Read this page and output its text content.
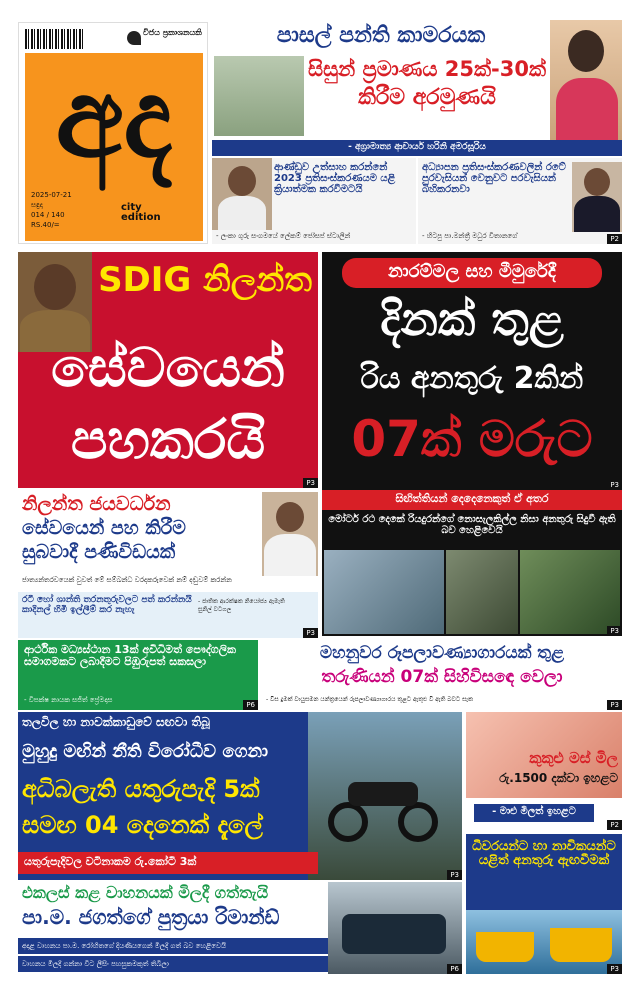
විජය ප්‍රකාශනයකි
අද
city edition
2025-07-21
සඳුදා
014 / 140
RS.40/=
පාසල් පන්ති කාමරයක
සිසුන් ප්‍රමාණය 25ක්-30ක්
කිරීම අරමුණයි
- අග්‍රාමාත්‍ය ආචාර්ය හරිනි අමරසූරිය
ආණ්ඩුව උත්සාහ කරන්නේ 2023 ප්‍රතිසංස්කරණයම යළි ක්‍රියාත්මක කරවීමටයි
- ලංකා ගුරු සංගමයේ ලේකම් ජෝසප් ස්ටාලින්
අධ්‍යාපන ප්‍රතිසංස්කරණවලින් රටේ පුරවැසියන් වෙනුවට පරවැසියන් බිහිකරනවා
- හිටපු පා.මන්ත්‍රී මධුර විතානගේ	P2
SDIG නිලන්ත
සේවයෙන්
පහකරයි
P3
නාරම්මල සහ මීමුරේදී
දිනක් තුළ
රිය අනතුරු 2කින්
07ක් මරුට
P3
සිඟිත්තියන් දෙදෙනෙකුත් ඒ අතර
මෝටර් රථ දෙකේ රියදුරන්ගේ නොසැලකිල්ල නිසා අනතුරු සිදුවී ඇති බව හෙළිවෙයි
P3
නිලන්ත ජයවර්ධන
සේවයෙන් පහ කිරීම
සුබවාදී පණිවිඩයක්
ජාත්‍යන්තරවයෙක් වුවත් මේ සම්බන්ධ වරදකරුවෙක් නම් දඬුවම් කරන්න
රටී හෝ ශාන්ති තරනතුරුවලට පත් කරන්නයි කාදිනල් හිමි ඉල්ලීම් කර නැහැ
- ජාතික ආරක්ෂක නියෝජ්‍ය ඇමැති සුනිල් වටගල
P3
ආර්ථික මධ්‍යස්ථාන 13ක් අවිධිමත් පෞද්ගලික සමාගමකට ලබාදීමට පිඹුරුපත් සකසලා
- විපක්ෂ නායක සජිත් ප්‍රේමදාස
P6
මහනුවර රූපලාවණ්‍යාගාරයක් තුළ
තරුණියන් 07ක් සිහිවිසඳෙ වෙලා
- විස දුමක් වායුසමන යන්ත්‍රයෙන් රූපලාවණ්‍යාගාරය තුළට ඇතුළු වී ඇති බවට සැක
P3
තලවිල හා නාවක්කාඩුවේ සඟවා තිබූ
මුහුදු මඟින් නීති විරෝධීව ගෙනා
අධිබලැති යතුරුපැදි 5ක්
සමඟ 04 දෙනෙක් දැලේ
යතුරුපැදිවල වටිනාකම රු.කෝටි 3ක්
P3
කුකුළු මස් මිල
රු.1500 දක්වා ඉහළට
- මාළු මිලත් ඉහළට
P2
ධීවරයන්ට හා නාවිකයන්ට යළිත් අනතුරු ඇඟවීමක්
P3
එකලස් කළ වාහනයක් මිලදී ගත්තැයි
පා.ම. ජගත්ගේ පුත්‍රයා රිමාන්ඩ්
අදාළ වාහනය පා.ම. රෝහිතගේ දියණියගෙන් මිලදී ගත් බව හෙළිවෙයි
වාහනය මිලදී ගන්නා විට ලීසිං පහසුකමකුත් තිබිලා
P6
